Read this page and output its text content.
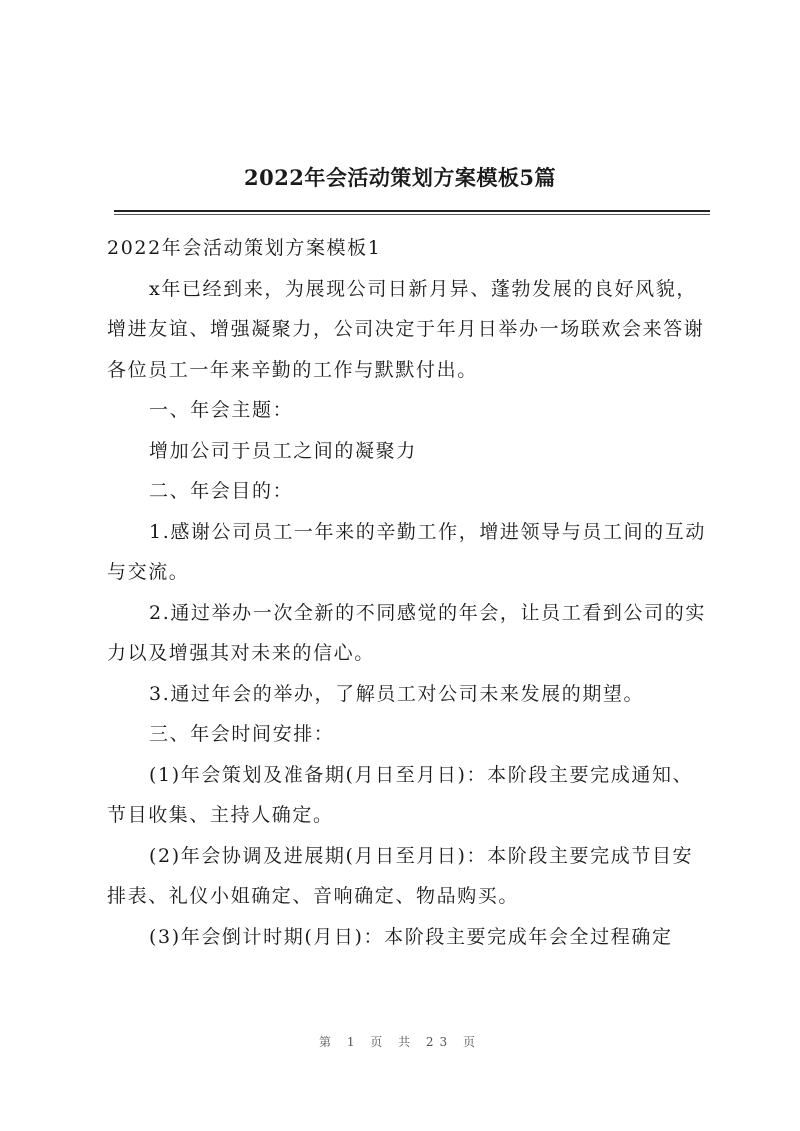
2022年会活动策划方案模板5篇

2022年会活动策划方案模板1

x年已经到来，为展现公司日新月异、蓬勃发展的良好风貌，增进友谊、增强凝聚力，公司决定于年月日举办一场联欢会来答谢各位员工一年来辛勤的工作与默默付出。

一、年会主题：

增加公司于员工之间的凝聚力

二、年会目的：

1.感谢公司员工一年来的辛勤工作，增进领导与员工间的互动与交流。

2.通过举办一次全新的不同感觉的年会，让员工看到公司的实力以及增强其对未来的信心。

3.通过年会的举办，了解员工对公司未来发展的期望。

三、年会时间安排：

(1)年会策划及准备期(月日至月日)：本阶段主要完成通知、节目收集、主持人确定。

(2)年会协调及进展期(月日至月日)：本阶段主要完成节目安排表、礼仪小姐确定、音响确定、物品购买。

(3)年会倒计时期(月日)：本阶段主要完成年会全过程确定

第 1 页 共 23 页
